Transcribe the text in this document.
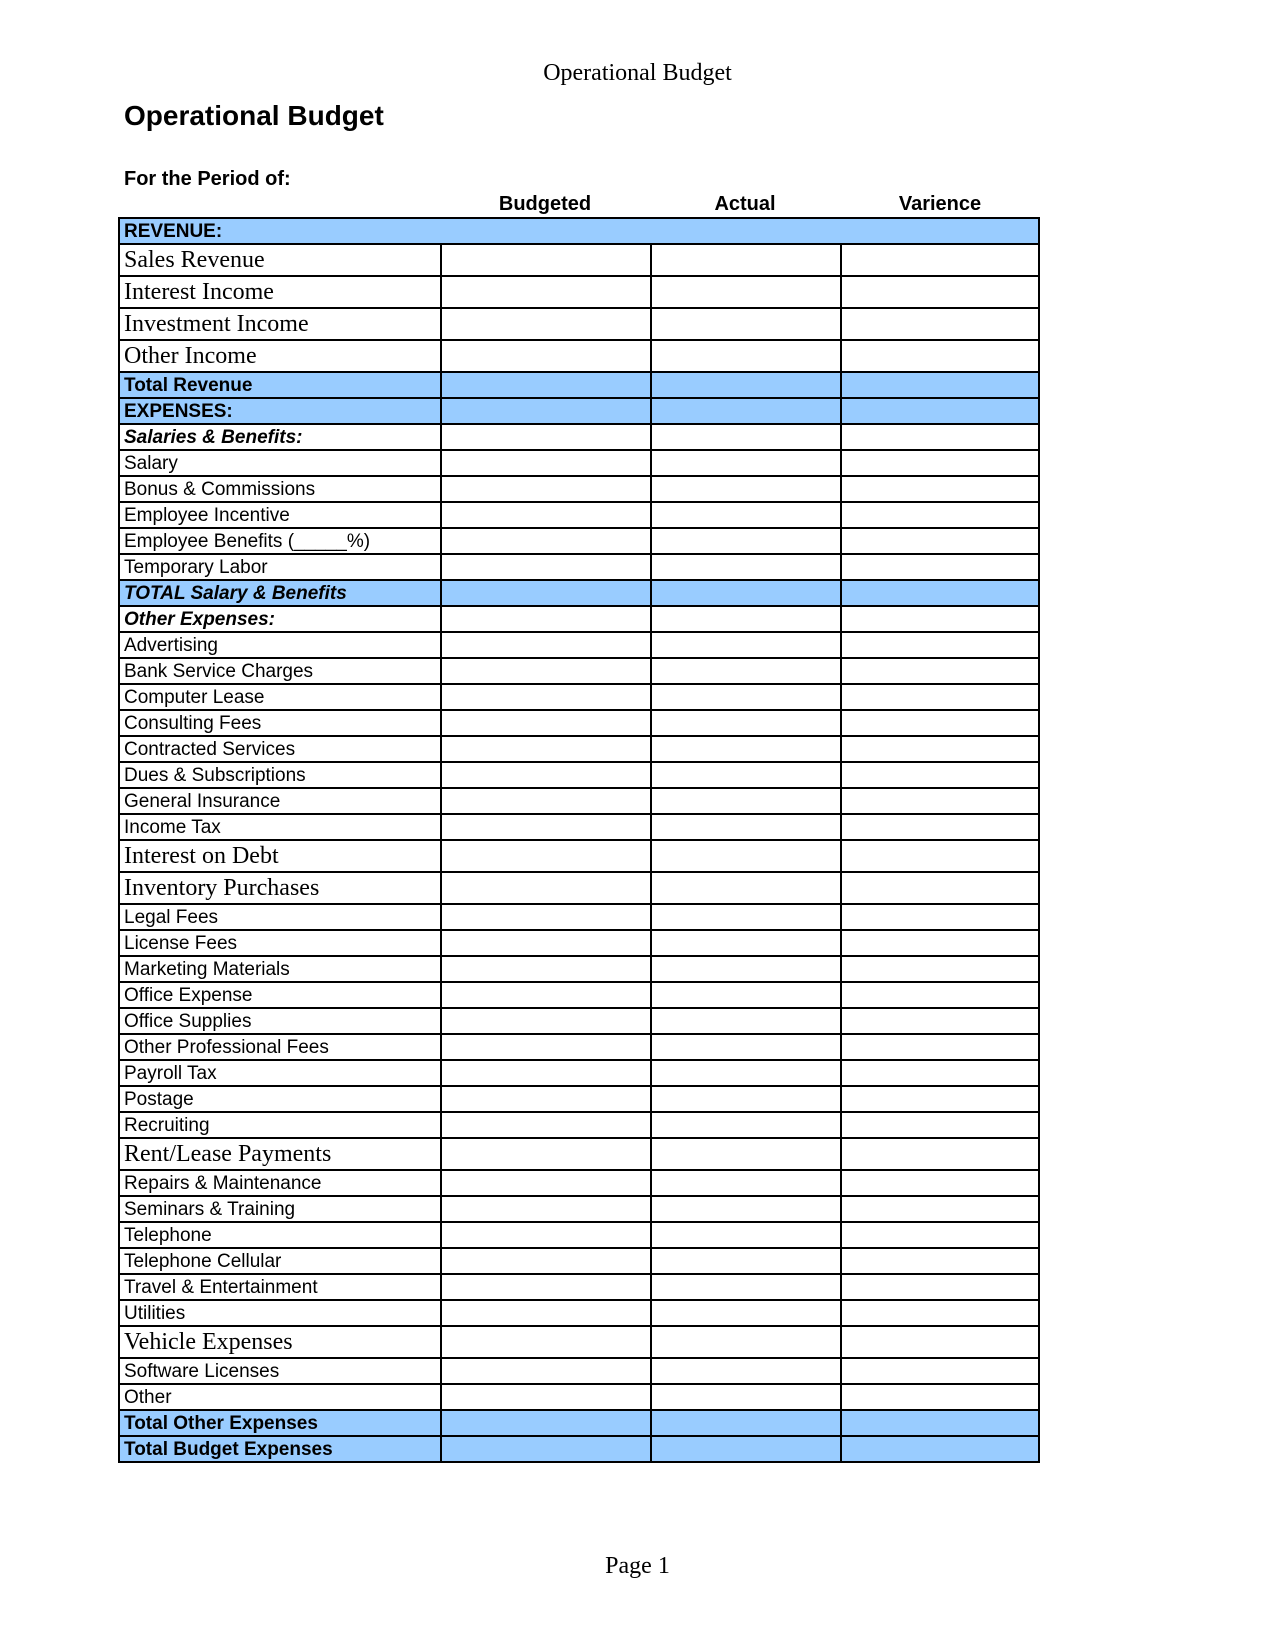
Operational Budget
Operational Budget
For the Period of:
Budgeted	Actual	Varience
REVENUE:			
Sales Revenue			
Interest Income			
Investment Income			
Other Income			
Total Revenue			
EXPENSES:			
Salaries & Benefits:			
Salary			
Bonus & Commissions			
Employee Incentive			
Employee Benefits (_____%)			
Temporary Labor			
TOTAL Salary & Benefits			
Other Expenses:			
Advertising			
Bank Service Charges			
Computer Lease			
Consulting Fees			
Contracted Services			
Dues & Subscriptions			
General Insurance			
Income Tax			
Interest on Debt			
Inventory Purchases			
Legal Fees			
License Fees			
Marketing Materials			
Office Expense			
Office Supplies			
Other Professional Fees			
Payroll Tax			
Postage			
Recruiting			
Rent/Lease Payments			
Repairs & Maintenance			
Seminars & Training			
Telephone			
Telephone Cellular			
Travel & Entertainment			
Utilities			
Vehicle Expenses			
Software Licenses			
Other			
Total Other Expenses			
Total Budget Expenses			
Page 1
